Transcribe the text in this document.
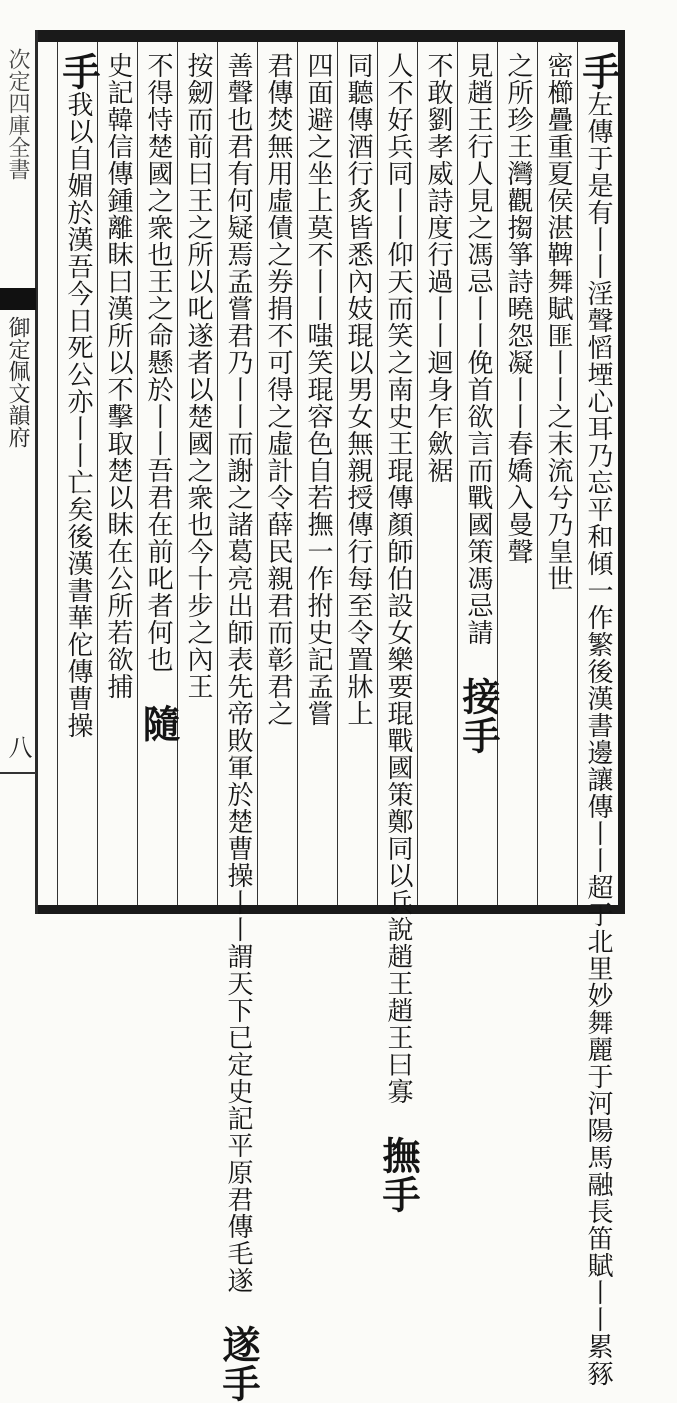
次定四庫全書
御定佩文韻府
八
手左傳于是有丨丨淫聲慆堙心耳乃忘平和傾一作繁後漢書邊讓傳丨丨超于北里妙舞麗于河陽馬融長笛賦丨丨累豩
密櫛疊重夏侯湛鞞舞賦匪丨丨之末流兮乃皇世
之所珍王灣觀搊箏詩曉怨凝丨丨春嬌入曼聲
見趙王行人見之馮忌丨丨俛首欲言而戰國策馮忌請 接手
不敢劉孝威詩度行過丨丨迴身乍歛裾
人不好兵同丨丨仰天而笑之南史王琨傳顏師伯設女樂要琨戰國策鄭同以兵說趙王趙王曰寡 撫手
同聽傳酒行炙皆悉內妓琨以男女無親授傳行每至令置牀上
四面避之坐上莫不丨丨嗤笑琨容色自若撫一作拊史記孟嘗
君傳焚無用虛債之券捐不可得之虛計令薛民親君而彰君之
善聲也君有何疑焉孟嘗君乃丨丨而謝之諸葛亮出師表先帝敗軍於楚曹操丨丨謂天下已定史記平原君傳毛遂 遂手
按劒而前曰王之所以叱遂者以楚國之衆也今十步之內王
不得恃楚國之衆也王之命懸於丨丨吾君在前叱者何也 隨
史記韓信傳鍾離眜曰漢所以不擊取楚以眜在公所若欲捕
手我以自媚於漢吾今日死公亦丨丨亡矣後漢書華佗傳曹操
